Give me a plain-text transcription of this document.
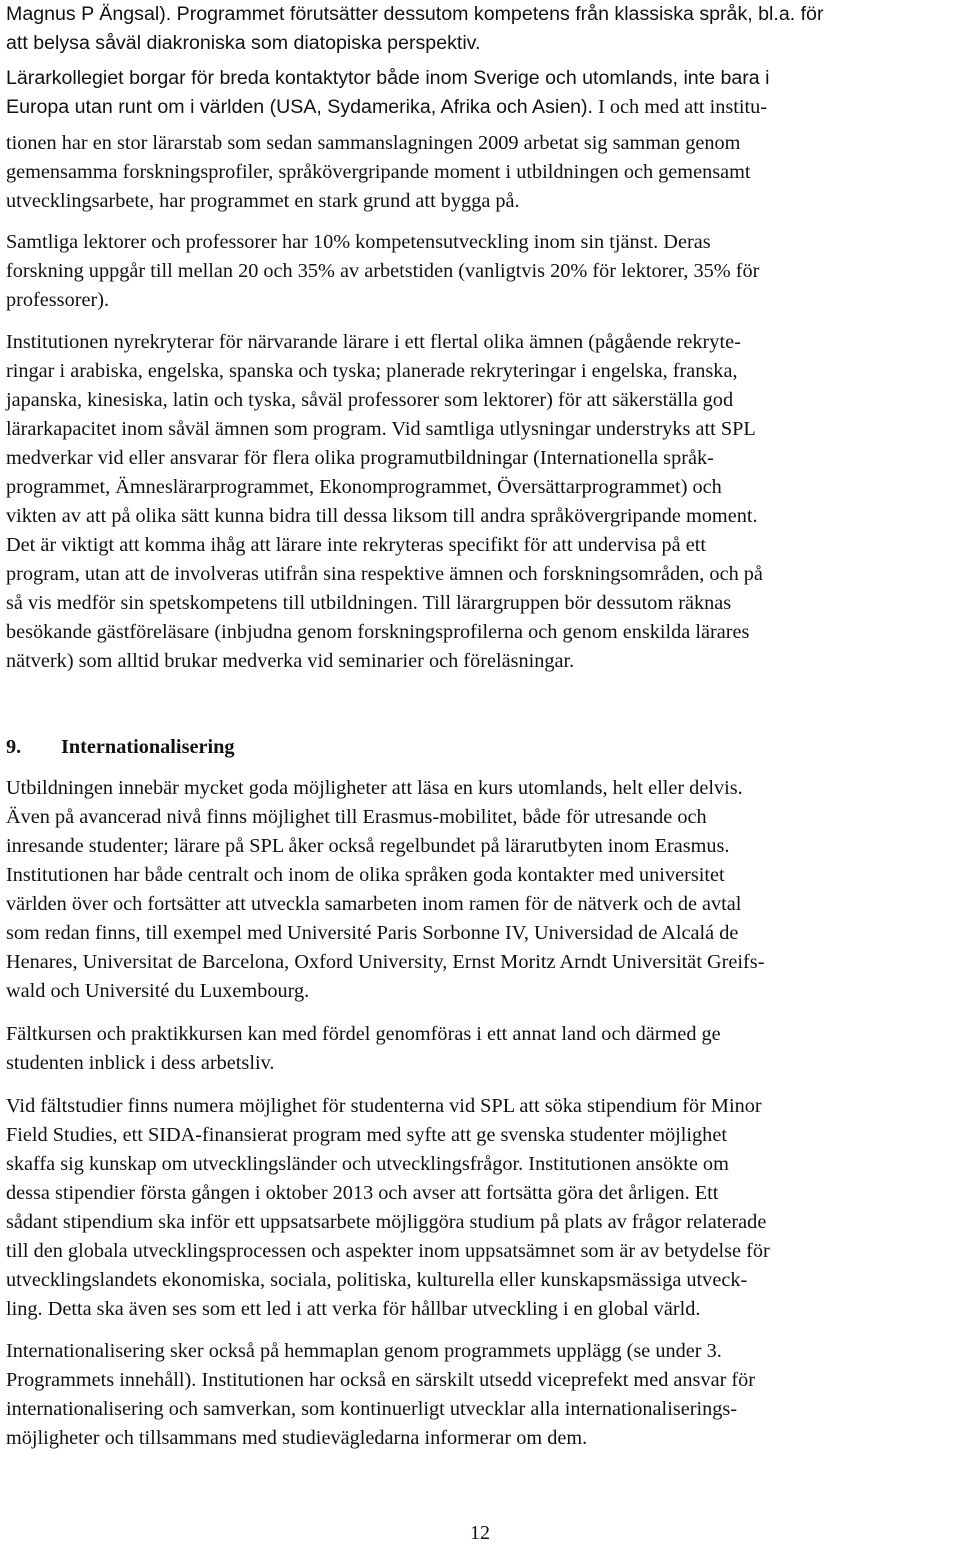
Magnus P Ängsal). Programmet förutsätter dessutom kompetens från klassiska språk, bl.a. för
att belysa såväl diakroniska som diatopiska perspektiv.
Lärarkollegiet borgar för breda kontaktytor både inom Sverige och utomlands, inte bara i
Europa utan runt om i världen (USA, Sydamerika, Afrika och Asien). I och med att institu-
tionen har en stor lärarstab som sedan sammanslagningen 2009 arbetat sig samman genom
gemensamma forskningsprofiler, språkövergripande moment i utbildningen och gemensamt
utvecklingsarbete, har programmet en stark grund att bygga på.
Samtliga lektorer och professorer har 10% kompetensutveckling inom sin tjänst. Deras
forskning uppgår till mellan 20 och 35% av arbetstiden (vanligtvis 20% för lektorer, 35% för
professorer).
Institutionen nyrekryterar för närvarande lärare i ett flertal olika ämnen (pågående rekryte-
ringar i arabiska, engelska, spanska och tyska; planerade rekryteringar i engelska, franska,
japanska, kinesiska, latin och tyska, såväl professorer som lektorer) för att säkerställa god
lärarkapacitet inom såväl ämnen som program. Vid samtliga utlysningar understryks att SPL
medverkar vid eller ansvarar för flera olika programutbildningar (Internationella språk-
programmet, Ämneslärarprogrammet, Ekonomprogrammet, Översättarprogrammet) och
vikten av att på olika sätt kunna bidra till dessa liksom till andra språkövergripande moment.
Det är viktigt att komma ihåg att lärare inte rekryteras specifikt för att undervisa på ett
program, utan att de involveras utifrån sina respektive ämnen och forskningsområden, och på
så vis medför sin spetskompetens till utbildningen. Till lärargruppen bör dessutom räknas
besökande gästföreläsare (inbjudna genom forskningsprofilerna och genom enskilda lärares
nätverk) som alltid brukar medverka vid seminarier och föreläsningar.
9. Internationalisering
Utbildningen innebär mycket goda möjligheter att läsa en kurs utomlands, helt eller delvis.
Även på avancerad nivå finns möjlighet till Erasmus-mobilitet, både för utresande och
inresande studenter; lärare på SPL åker också regelbundet på lärarutbyten inom Erasmus.
Institutionen har både centralt och inom de olika språken goda kontakter med universitet
världen över och fortsätter att utveckla samarbeten inom ramen för de nätverk och de avtal
som redan finns, till exempel med Université Paris Sorbonne IV, Universidad de Alcalá de
Henares, Universitat de Barcelona, Oxford University, Ernst Moritz Arndt Universität Greifs-
wald och Université du Luxembourg.
Fältkursen och praktikkursen kan med fördel genomföras i ett annat land och därmed ge
studenten inblick i dess arbetsliv.
Vid fältstudier finns numera möjlighet för studenterna vid SPL att söka stipendium för Minor
Field Studies, ett SIDA-finansierat program med syfte att ge svenska studenter möjlighet
skaffa sig kunskap om utvecklingsländer och utvecklingsfrågor. Institutionen ansökte om
dessa stipendier första gången i oktober 2013 och avser att fortsätta göra det årligen. Ett
sådant stipendium ska inför ett uppsatsarbete möjliggöra studium på plats av frågor relaterade
till den globala utvecklingsprocessen och aspekter inom uppsatsämnet som är av betydelse för
utvecklingslandets ekonomiska, sociala, politiska, kulturella eller kunskapsmässiga utveck-
ling. Detta ska även ses som ett led i att verka för hållbar utveckling i en global värld.
Internationalisering sker också på hemmaplan genom programmets upplägg (se under 3.
Programmets innehåll). Institutionen har också en särskilt utsedd viceprefekt med ansvar för
internationalisering och samverkan, som kontinuerligt utvecklar alla internationaliserings-
möjligheter och tillsammans med studievägledarna informerar om dem.
12
